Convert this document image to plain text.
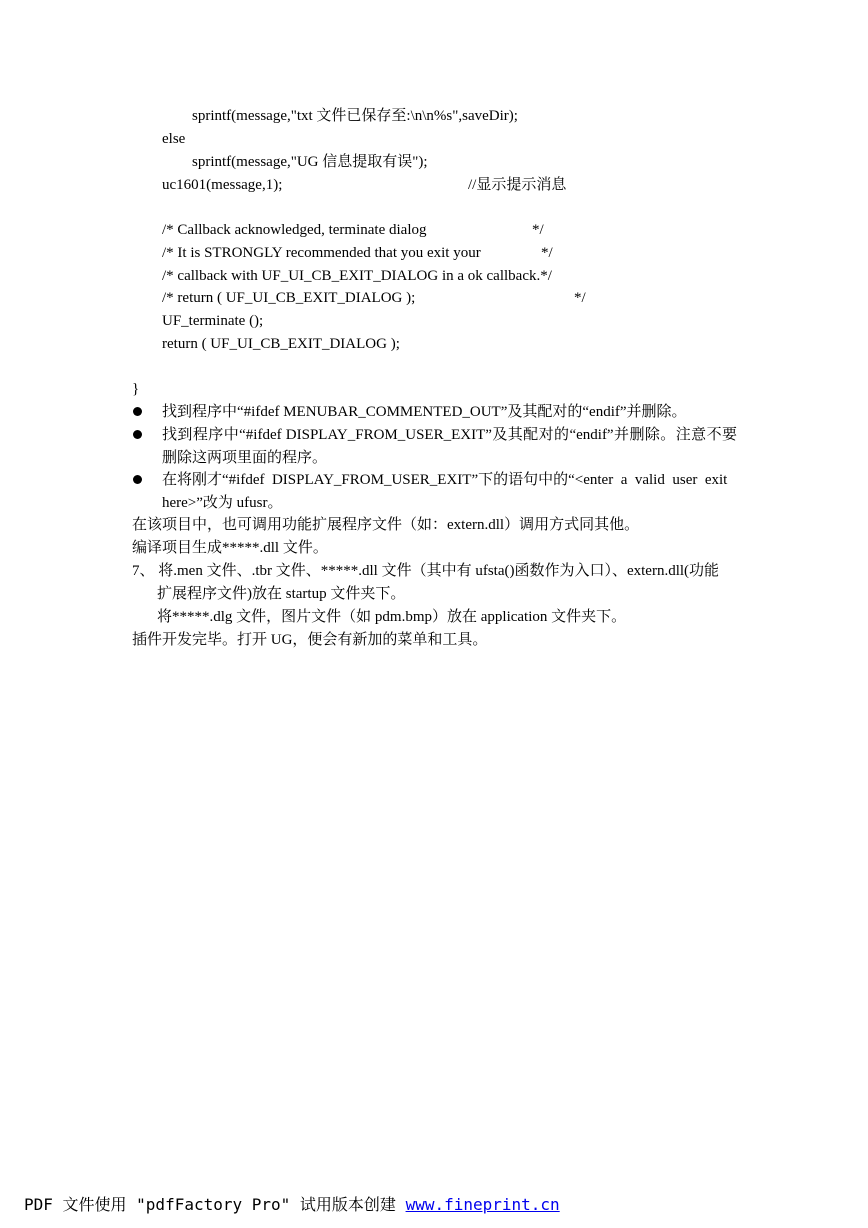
sprintf(message,"txt 文件已保存至:\n\n%s",saveDir);
else
sprintf(message,"UG 信息提取有误");
uc1601(message,1);	//显示提示消息
/* Callback acknowledged, terminate dialog	*/
/* It is STRONGLY recommended that you exit your	*/
/* callback with UF_UI_CB_EXIT_DIALOG in a ok callback.*/
/* return ( UF_UI_CB_EXIT_DIALOG );	*/
UF_terminate ();
return ( UF_UI_CB_EXIT_DIALOG );
}
找到程序中“#ifdef MENUBAR_COMMENTED_OUT”及其配对的“endif”并删除。
找到程序中“#ifdef DISPLAY_FROM_USER_EXIT”及其配对的“endif”并删除。注意不要
删除这两项里面的程序。
在将刚才“#ifdef  DISPLAY_FROM_USER_EXIT”下的语句中的“<enter  a  valid  user  exit
here>”改为 ufusr。
在该项目中，也可调用功能扩展程序文件（如：extern.dll）调用方式同其他。
编译项目生成*****.dll 文件。
7、 将.men 文件、.tbr 文件、*****.dll 文件（其中有 ufsta()函数作为入口）、extern.dll(功能
扩展程序文件)放在 startup 文件夹下。
将*****.dlg 文件，图片文件（如 pdm.bmp）放在 application 文件夹下。
插件开发完毕。打开 UG，便会有新加的菜单和工具。
PDF 文件使用 "pdfFactory Pro" 试用版本创建 www.fineprint.cn
